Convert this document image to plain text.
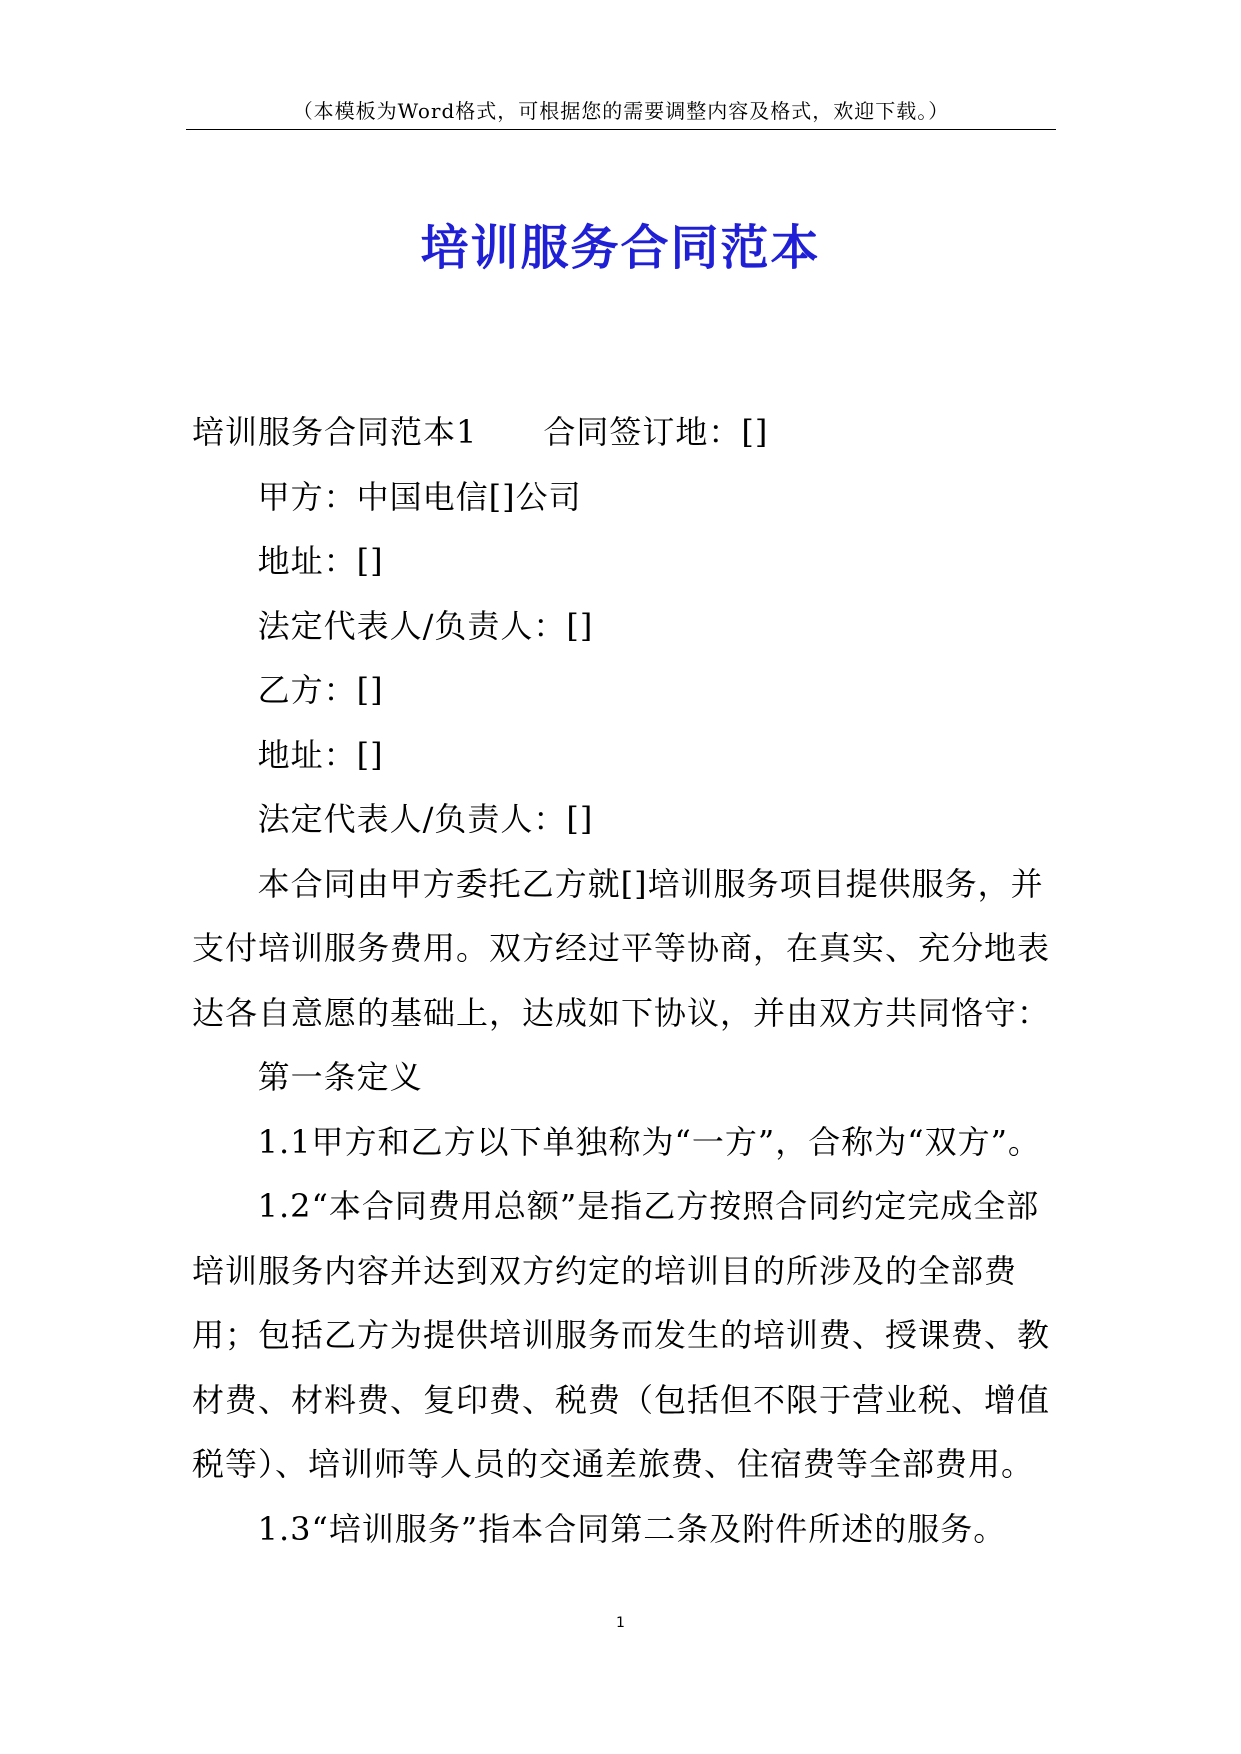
（本模板为Word格式，可根据您的需要调整内容及格式，欢迎下载。）
培训服务合同范本

培训服务合同范本1　　合同签订地：[]

甲方：中国电信[]公司

地址：[]

法定代表人/负责人：[]

乙方：[]

地址：[]

法定代表人/负责人：[]

本合同由甲方委托乙方就[]培训服务项目提供服务，并支付培训服务费用。双方经过平等协商，在真实、充分地表达各自意愿的基础上，达成如下协议，并由双方共同恪守：

第一条定义

1.1甲方和乙方以下单独称为“一方”，合称为“双方”。

1.2“本合同费用总额”是指乙方按照合同约定完成全部培训服务内容并达到双方约定的培训目的所涉及的全部费用；包括乙方为提供培训服务而发生的培训费、授课费、教材费、材料费、复印费、税费（包括但不限于营业税、增值税等）、培训师等人员的交通差旅费、住宿费等全部费用。

1.3“培训服务”指本合同第二条及附件所述的服务。

1
